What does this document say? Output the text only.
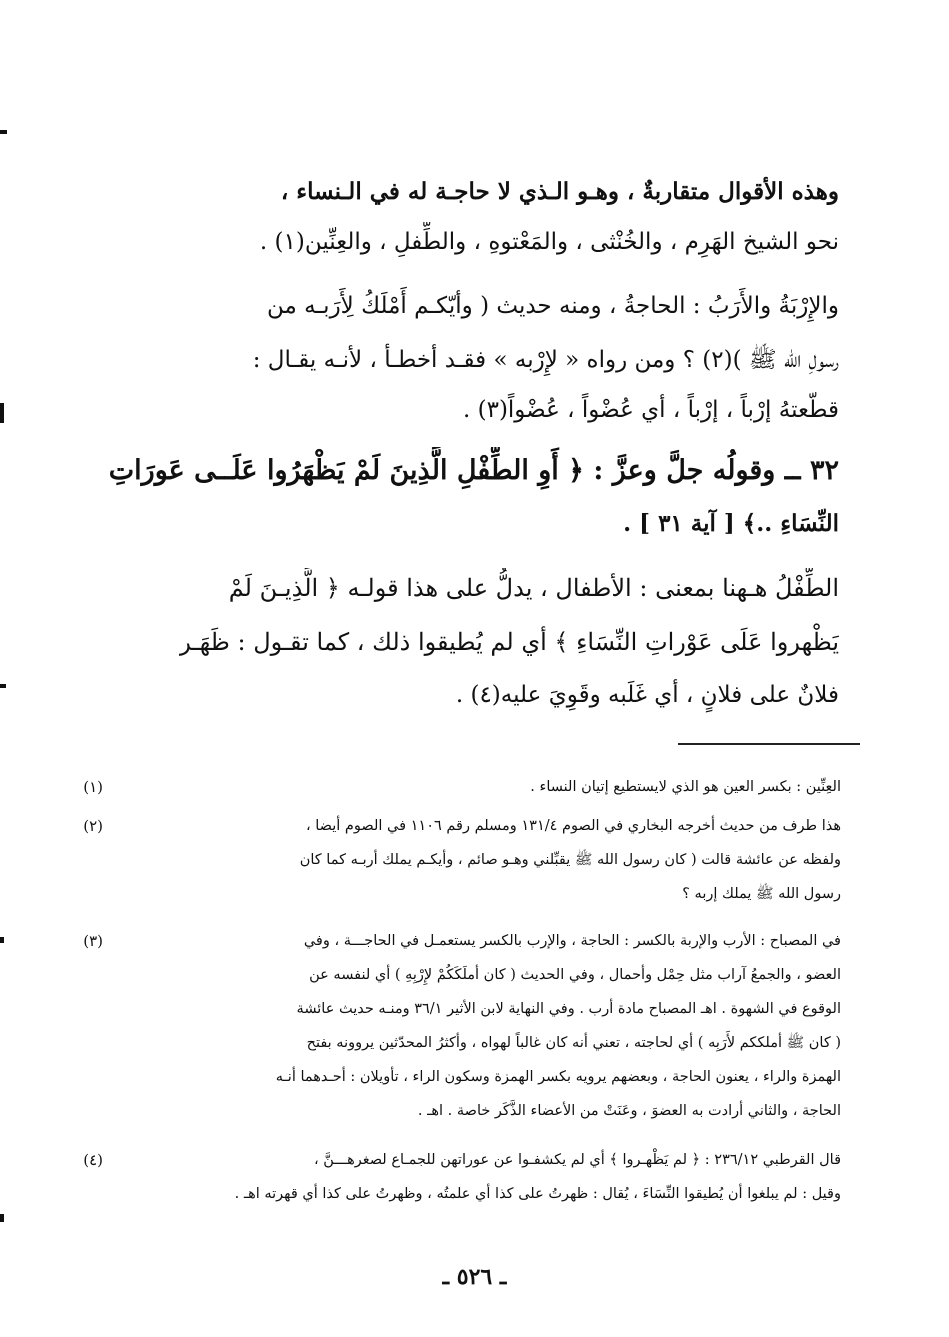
وهذه الأقوال متقاربةٌ ، وهـو الـذي لا حاجـة له في الـنساء ،
نحو الشيخ الهَرِم ، والخُنْثى ، والمَعْتوهِ ، والطِّفلِ ، والعِنِّين(١) .
والإِرْبَةُ والأَرَبُ : الحاجةُ ، ومنه حديث ( وأيّكـم أَمْلَكُ لِأَرَبـه من
رسولِ الله ﷺ )(٢) ؟ ومن رواه « لإِرْبه » فقـد أخطـأ ، لأنـه يقـال :
قطّعتهُ إرْباً ، إرْباً ، أي عُضْواً ، عُضْواً(٣) .
٣٢ ــ وقولُه جلَّ وعزَّ : ﴿ أَوِ الطِّفْلِ الَّذِينَ لَمْ يَظْهَرُوا عَلَــى عَورَاتِ
النِّسَاءِ ..﴾ [ آية ٣١ ] .
الطِّفْلُ هـهنا بمعنى : الأطفال ، يدلُّ على هذا قولـه ﴿ الَّذِيـنَ لَمْ
يَظْهروا عَلَى عَوْراتِ النِّسَاءِ ﴾ أي لم يُطيقوا ذلك ، كما تقـول : ظَهَـر
فلانٌ على فلانٍ ، أي غَلَبه وقَوِيَ عليه(٤) .
(١)	العِنِّين : بكسر العين هو الذي لايستطيع إتيان النساء .
(٢)	هذا طرف من حديث أخرجه البخاري في الصوم ١٣١/٤ ومسلم رقم ١١٠٦ في الصوم أيضا ،
ولفظه عن عائشة قالت ( كان رسول الله ﷺ يقبِّلني وهـو صائم ، وأيكـم يملك أربـه كما كان
رسول الله ﷺ يملك إربه ؟
(٣)	في المصباح : الأرب والإربة بالكسر : الحاجة ، والإرب بالكسر يستعمـل في الحاجـــة ، وفي
العضو ، والجمعُ آراب مثل حِمْل وأحمال ، وفي الحديث ( كان أملَكَكُمْ لإِرْبِهِ ) أي لنفسه عن
الوقوع في الشهوة . اهـ المصباح مادة أرب . وفي النهاية لابن الأثير ٣٦/١ ومنـه حديث عائشة
( كان ﷺ أملككم لأَرَبِه ) أي لحاجته ، تعني أنه كان غالباً لهواه ، وأكثرُ المحدّثين يروونه بفتح
الهمزة والراء ، يعنون الحاجة ، وبعضهم يرويه بكسر الهمزة وسكون الراء ، تأويلان : أحـدهما أنـه
الحاجة ، والثاني أرادت به العضوَ ، وعَنَتْ من الأعضاء الذَّكَر خاصة . اهـ .
(٤)	قال القرطبي ٢٣٦/١٢ : ﴿ لم يَظْهـروا ﴾ أي لم يكشفـوا عن عوراتهن للجمـاع لصغرهـــنَّ ،
وقيل : لم يبلغوا أن يُطيقوا النِّسَاءَ ، يُقال : ظهرتُ على كذا أي علمتُه ، وظهرتُ على كذا أي قهرته اهـ .
ـ ٥٢٦ ـ
